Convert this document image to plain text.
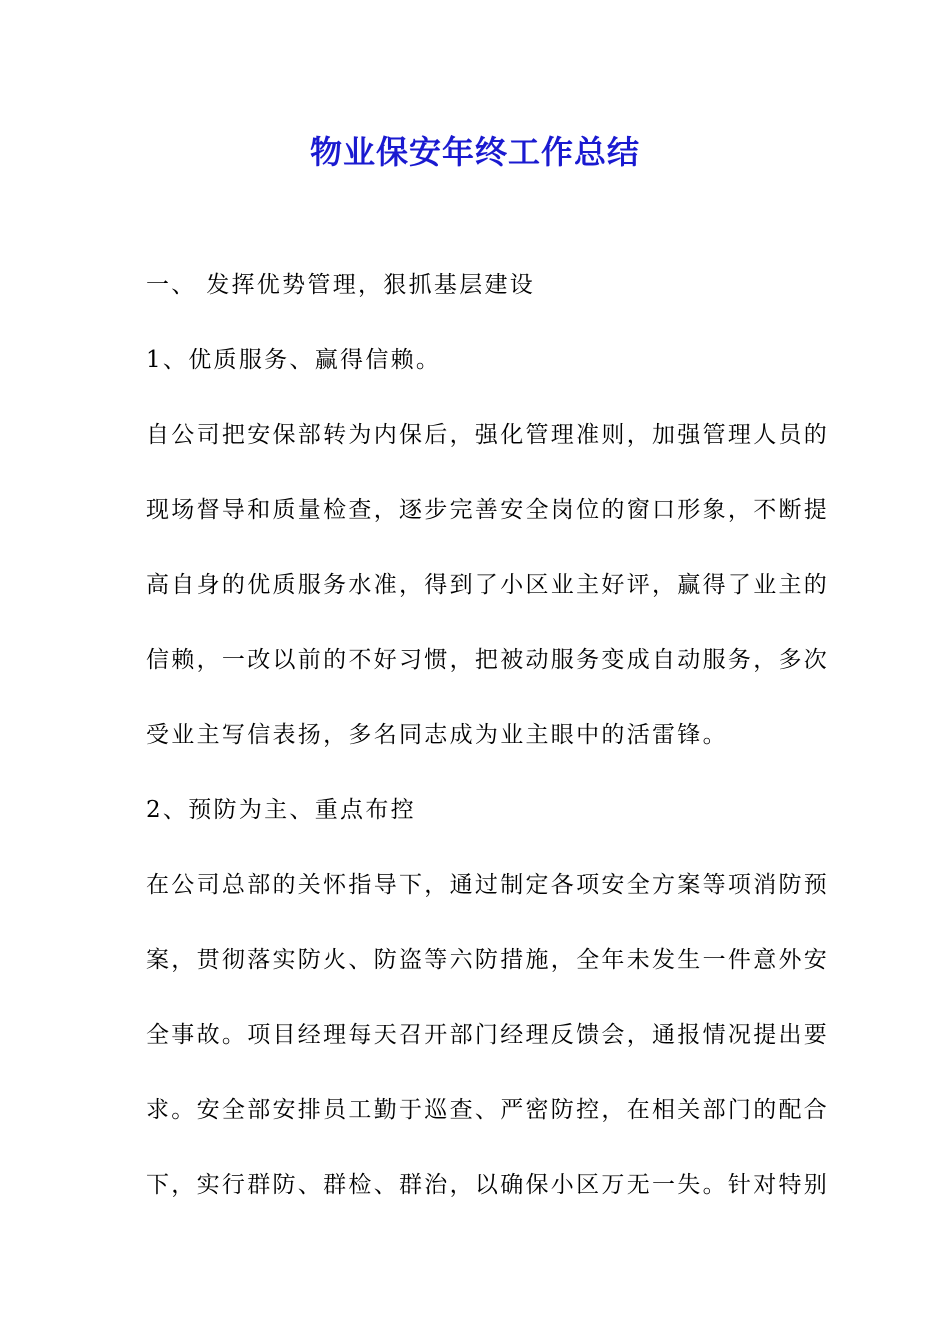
物业保安年终工作总结
一、 发挥优势管理，狠抓基层建设
1、优质服务、赢得信赖。
自公司把安保部转为内保后，强化管理准则，加强管理人员的
现场督导和质量检查，逐步完善安全岗位的窗口形象，不断提
高自身的优质服务水准，得到了小区业主好评，赢得了业主的
信赖，一改以前的不好习惯，把被动服务变成自动服务，多次
受业主写信表扬，多名同志成为业主眼中的活雷锋。
2、预防为主、重点布控
在公司总部的关怀指导下，通过制定各项安全方案等项消防预
案，贯彻落实防火、防盗等六防措施，全年未发生一件意外安
全事故。项目经理每天召开部门经理反馈会，通报情况提出要
求。安全部安排员工勤于巡查、严密防控，在相关部门的配合
下，实行群防、群检、群治，以确保小区万无一失。针对特别
